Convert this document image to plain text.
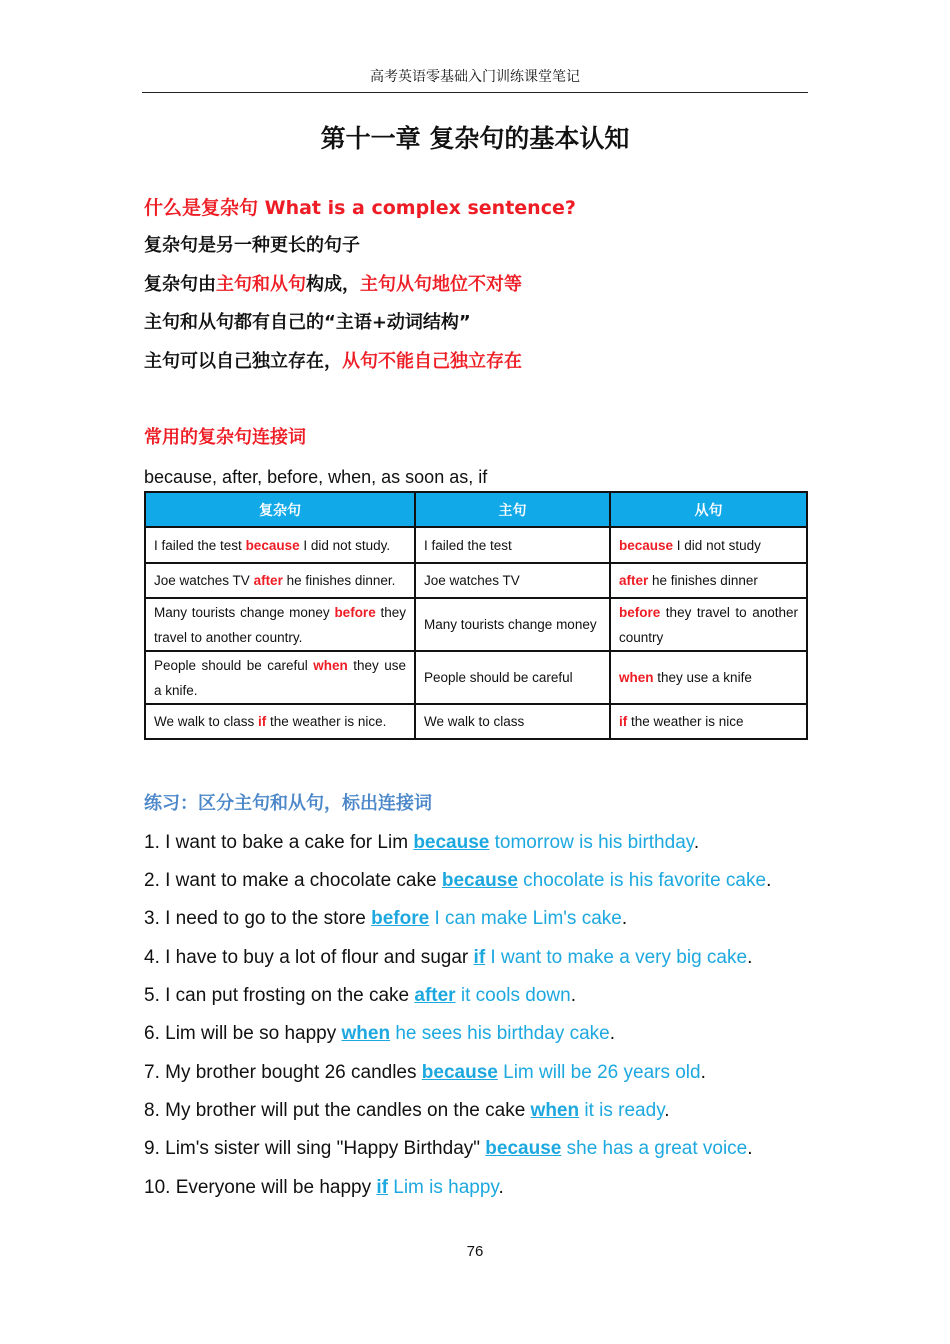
高考英语零基础入门训练课堂笔记
第十一章 复杂句的基本认知
什么是复杂句 What is a complex sentence?
复杂句是另一种更长的句子
复杂句由主句和从句构成，主句从句地位不对等
主句和从句都有自己的“主语+动词结构”
主句可以自己独立存在，从句不能自己独立存在
常用的复杂句连接词
because, after, before, when, as soon as, if
复杂句	主句	从句
I failed the test because I did not study.	I failed the test	because I did not study
Joe watches TV after he finishes dinner.	Joe watches TV	after he finishes dinner
Many tourists change money before they travel to another country.	Many tourists change money	before they travel to another country
People should be careful when they use a knife.	People should be careful	when they use a knife
We walk to class if the weather is nice.	We walk to class	if the weather is nice
练习：区分主句和从句，标出连接词
1. I want to bake a cake for Lim because tomorrow is his birthday.
2. I want to make a chocolate cake because chocolate is his favorite cake.
3. I need to go to the store before I can make Lim's cake.
4. I have to buy a lot of flour and sugar if I want to make a very big cake.
5. I can put frosting on the cake after it cools down.
6. Lim will be so happy when he sees his birthday cake.
7. My brother bought 26 candles because Lim will be 26 years old.
8. My brother will put the candles on the cake when it is ready.
9. Lim's sister will sing "Happy Birthday" because she has a great voice.
10. Everyone will be happy if Lim is happy.
76
